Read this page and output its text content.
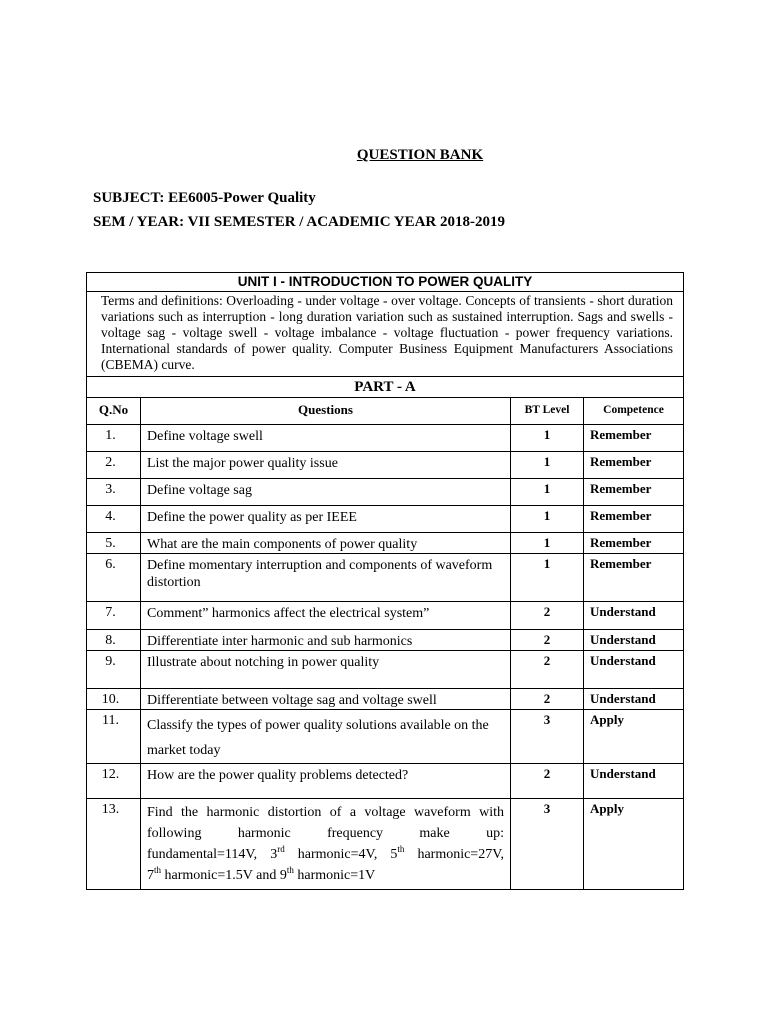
QUESTION BANK
SUBJECT: EE6005-Power Quality
SEM / YEAR: VII SEMESTER / ACADEMIC YEAR 2018-2019
UNIT I - INTRODUCTION TO POWER QUALITY			
Terms and definitions: Overloading - under voltage - over voltage. Concepts of transients - short duration variations such as interruption - long duration variation such as sustained interruption. Sags and swells - voltage sag - voltage swell - voltage imbalance - voltage fluctuation - power frequency variations. International standards of power quality. Computer Business Equipment Manufacturers Associations (CBEMA) curve.			
PART - A			
Q.No	Questions	BT Level	Competence
1.	Define voltage swell	1	Remember
2.	List the major power quality issue	1	Remember
3.	Define voltage sag	1	Remember
4.	Define the power quality as per IEEE	1	Remember
5.	What are the main components of power quality	1	Remember
6.	Define momentary interruption and components of waveform distortion	1	Remember
7.	Comment” harmonics affect the electrical system”	2	Understand
8.	Differentiate inter harmonic and sub harmonics	2	Understand
9.	Illustrate about notching in power quality	2	Understand
10.	Differentiate between voltage sag and voltage swell	2	Understand
11.	Classify the types of power quality solutions available on the market today	3	Apply
12.	How are the power quality problems detected?	2	Understand
13.	Find the harmonic distortion of a voltage waveform with following harmonic frequency make up:
fundamental=114V, 3rd harmonic=4V, 5th harmonic=27V,
7th harmonic=1.5V and 9th harmonic=1V	3	Apply
